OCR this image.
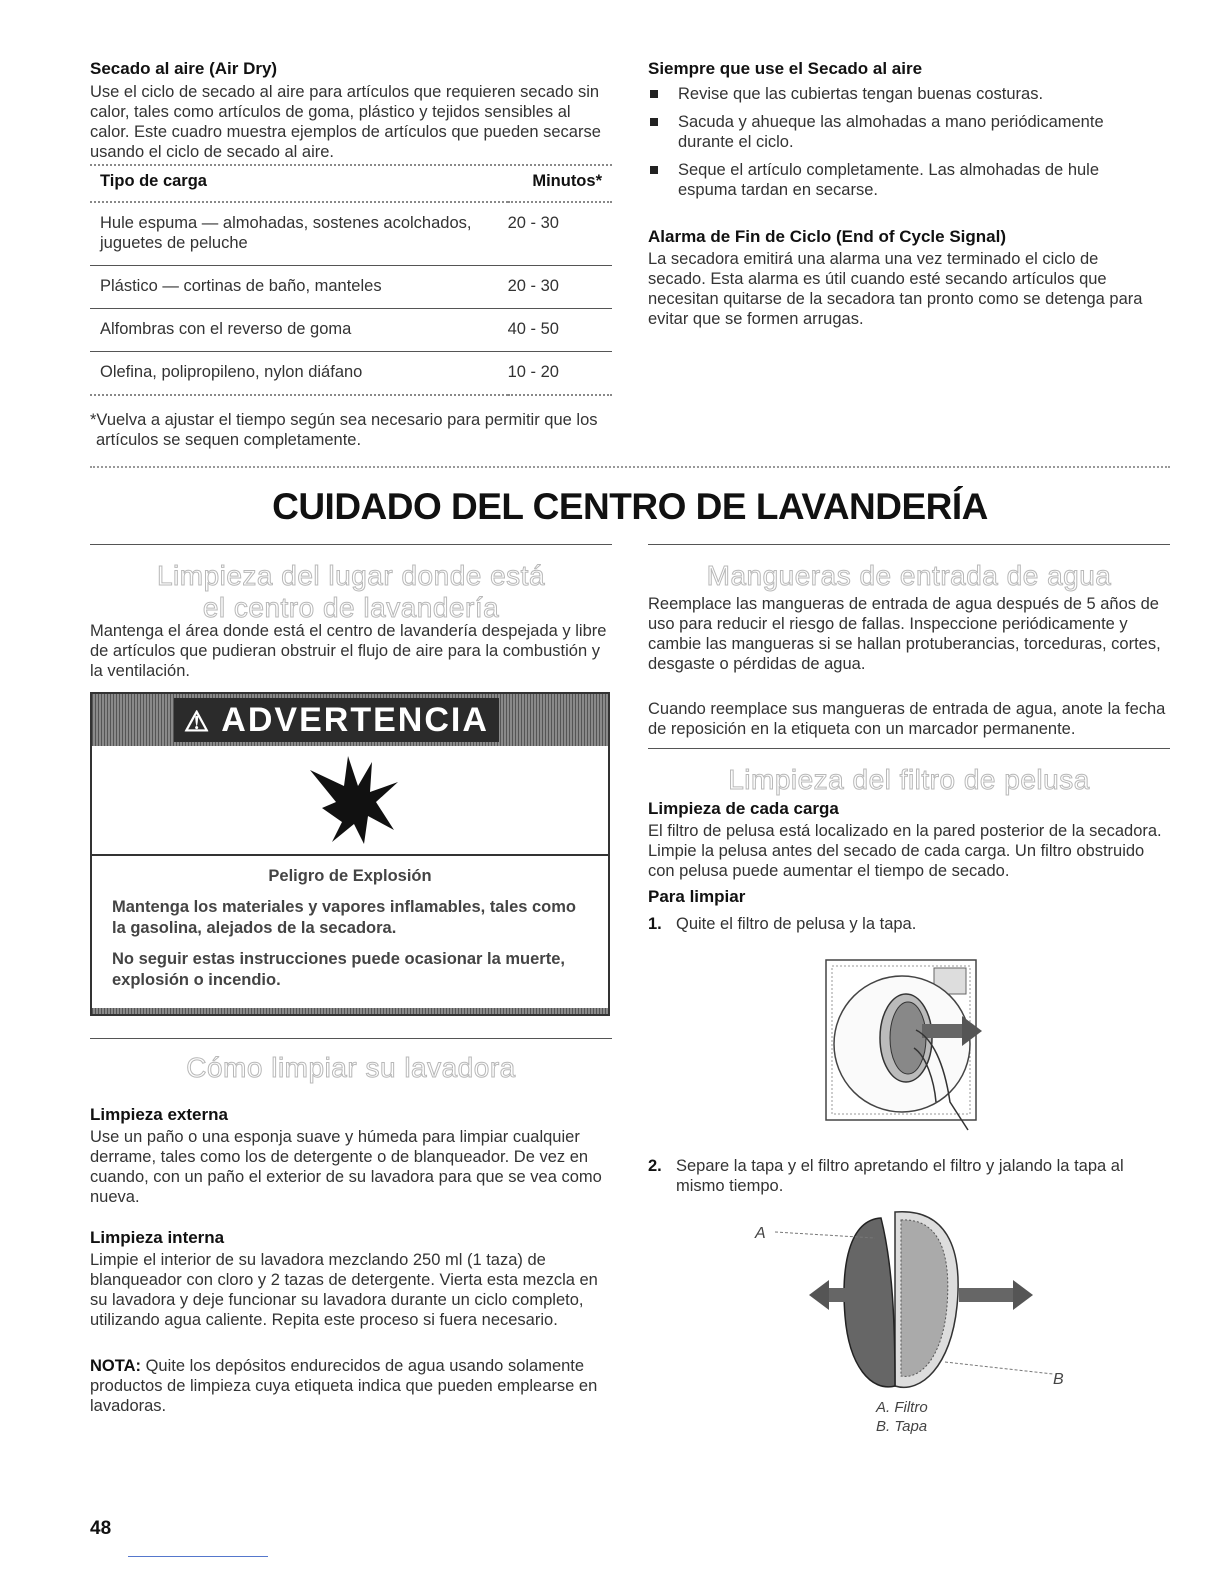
Secado al aire (Air Dry)
Use el ciclo de secado al aire para artículos que requieren secado sin calor, tales como artículos de goma, plástico y tejidos sensibles al calor. Este cuadro muestra ejemplos de artículos que pueden secarse usando el ciclo de secado al aire.
Tipo de carga	Minutos*
Hule espuma — almohadas, sostenes acolchados, juguetes de peluche	20 - 30
Plástico — cortinas de baño, manteles	20 - 30
Alfombras con el reverso de goma	40 - 50
Olefina, polipropileno, nylon diáfano	10 - 20
*Vuelva a ajustar el tiempo según sea necesario para permitir que los artículos se sequen completamente.
Siempre que use el Secado al aire
Revise que las cubiertas tengan buenas costuras.
Sacuda y ahueque las almohadas a mano periódicamente durante el ciclo.
Seque el artículo completamente. Las almohadas de hule espuma tardan en secarse.
Alarma de Fin de Ciclo (End of Cycle Signal)
La secadora emitirá una alarma una vez terminado el ciclo de secado. Esta alarma es útil cuando esté secando artículos que necesitan quitarse de la secadora tan pronto como se detenga para evitar que se formen arrugas.
CUIDADO DEL CENTRO DE LAVANDERÍA
Limpieza del lugar donde está
el centro de lavandería
Mantenga el área donde está el centro de lavandería despejada y libre de artículos que pudieran obstruir el flujo de aire para la combustión y la ventilación.
⚠ ADVERTENCIA
Peligro de Explosión
Mantenga los materiales y vapores inflamables, tales como la gasolina, alejados de la secadora.
No seguir estas instrucciones puede ocasionar la muerte, explosión o incendio.
Cómo limpiar su lavadora
Limpieza externa
Use un paño o una esponja suave y húmeda para limpiar cualquier derrame, tales como los de detergente o de blanqueador. De vez en cuando, con un paño el exterior de su lavadora para que se vea como nueva.
Limpieza interna
Limpie el interior de su lavadora mezclando 250 ml (1 taza) de blanqueador con cloro y 2 tazas de detergente. Vierta esta mezcla en su lavadora y deje funcionar su lavadora durante un ciclo completo, utilizando agua caliente. Repita este proceso si fuera necesario.
NOTA: Quite los depósitos endurecidos de agua usando solamente productos de limpieza cuya etiqueta indica que pueden emplearse en lavadoras.
Mangueras de entrada de agua
Reemplace las mangueras de entrada de agua después de 5 años de uso para reducir el riesgo de fallas. Inspeccione periódicamente y cambie las mangueras si se hallan protuberancias, torceduras, cortes, desgaste o pérdidas de agua.
Cuando reemplace sus mangueras de entrada de agua, anote la fecha de reposición en la etiqueta con un marcador permanente.
Limpieza del filtro de pelusa
Limpieza de cada carga
El filtro de pelusa está localizado en la pared posterior de la secadora. Limpie la pelusa antes del secado de cada carga. Un filtro obstruido con pelusa puede aumentar el tiempo de secado.
Para limpiar
1. Quite el filtro de pelusa y la tapa.
2. Separe la tapa y el filtro apretando el filtro y jalando la tapa al mismo tiempo.
A
B
A. Filtro
B. Tapa
48
